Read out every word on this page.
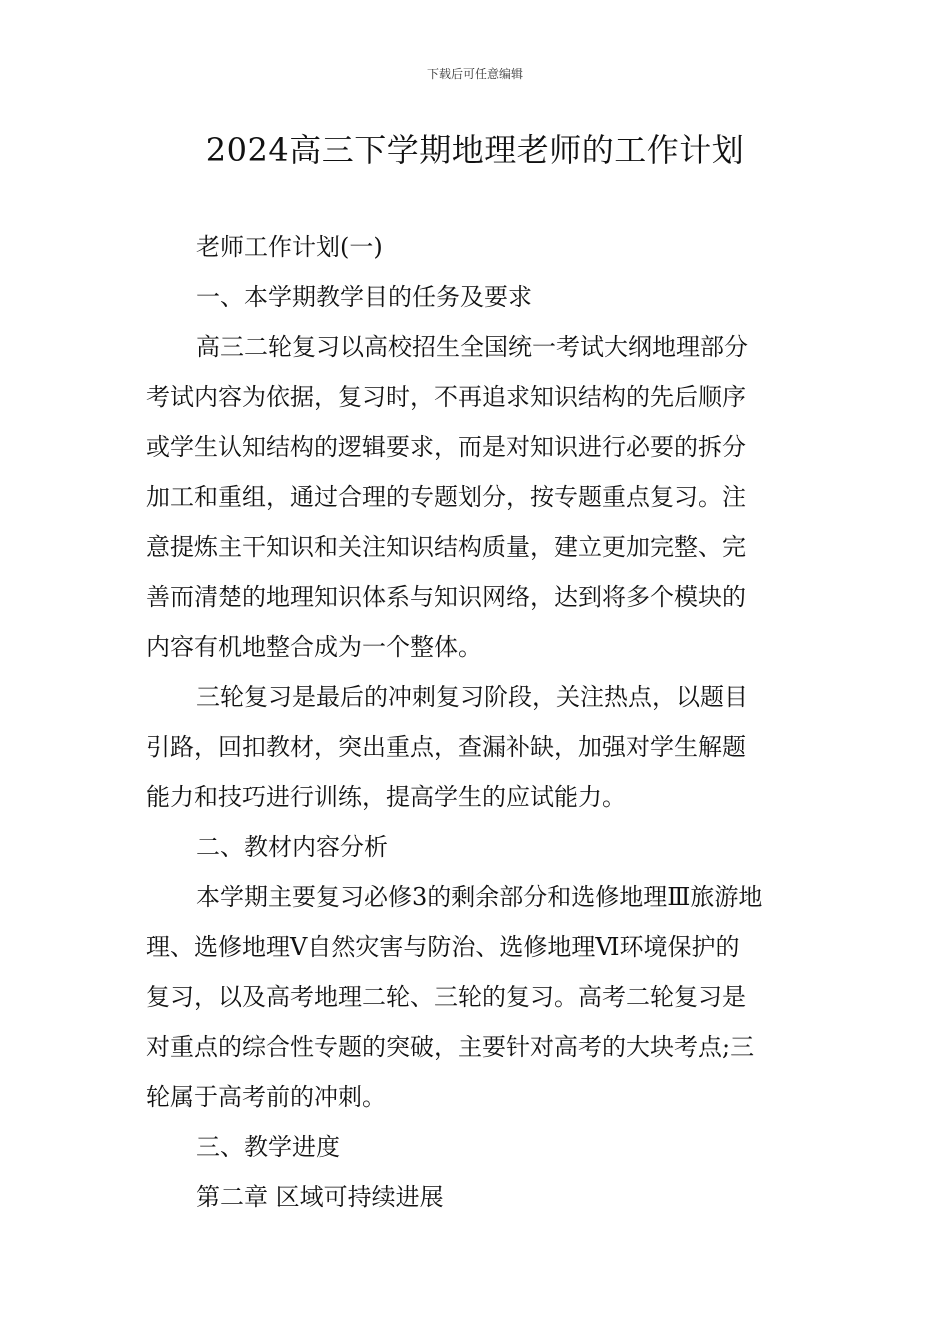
下载后可任意编辑
2024高三下学期地理老师的工作计划

老师工作计划(一)

一、本学期教学目的任务及要求

高三二轮复习以高校招生全国统一考试大纲地理部分

考试内容为依据，复习时，不再追求知识结构的先后顺序

或学生认知结构的逻辑要求，而是对知识进行必要的拆分

加工和重组，通过合理的专题划分，按专题重点复习。注

意提炼主干知识和关注知识结构质量，建立更加完整、完

善而清楚的地理知识体系与知识网络，达到将多个模块的

内容有机地整合成为一个整体。

三轮复习是最后的冲刺复习阶段，关注热点，以题目

引路，回扣教材，突出重点，查漏补缺，加强对学生解题

能力和技巧进行训练，提高学生的应试能力。

二、教材内容分析

本学期主要复习必修3的剩余部分和选修地理Ⅲ旅游地

理、选修地理Ⅴ自然灾害与防治、选修地理Ⅵ环境保护的

复习，以及高考地理二轮、三轮的复习。高考二轮复习是

对重点的综合性专题的突破，主要针对高考的大块考点;三

轮属于高考前的冲刺。

三、教学进度

第二章 区域可持续进展
